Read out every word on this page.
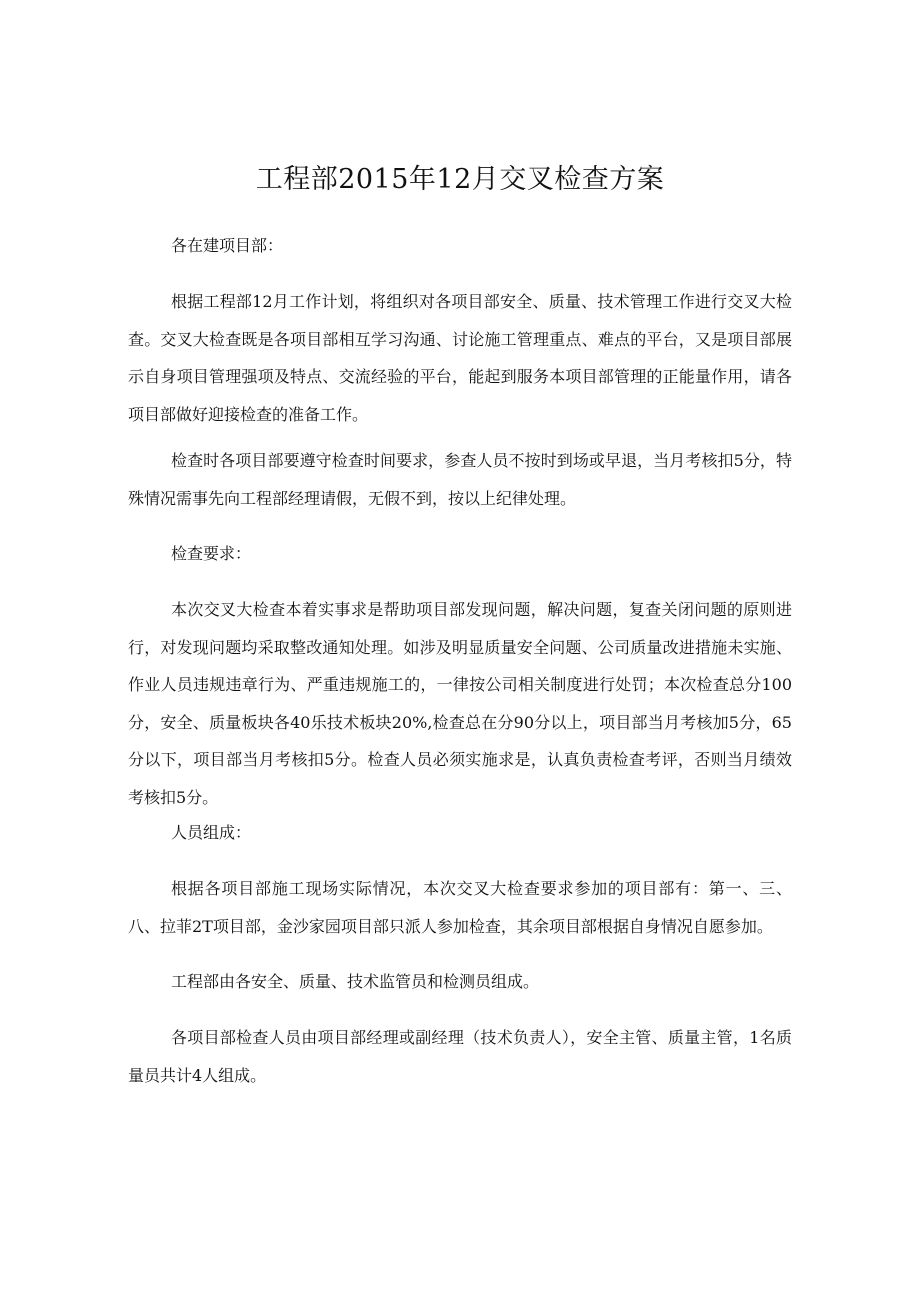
工程部2015年12月交叉检查方案

各在建项目部：

根据工程部12月工作计划，将组织对各项目部安全、质量、技术管理工作进行交叉大检查。交叉大检查既是各项目部相互学习沟通、讨论施工管理重点、难点的平台，又是项目部展示自身项目管理强项及特点、交流经验的平台，能起到服务本项目部管理的正能量作用，请各项目部做好迎接检查的准备工作。

检查时各项目部要遵守检查时间要求，参查人员不按时到场或早退，当月考核扣5分，特殊情况需事先向工程部经理请假，无假不到，按以上纪律处理。

检查要求：

本次交叉大检查本着实事求是帮助项目部发现问题，解决问题，复查关闭问题的原则进行，对发现问题均采取整改通知处理。如涉及明显质量安全问题、公司质量改进措施未实施、作业人员违规违章行为、严重违规施工的，一律按公司相关制度进行处罚；本次检查总分100分，安全、质量板块各40乐技术板块20%,检查总在分90分以上，项目部当月考核加5分，65分以下，项目部当月考核扣5分。检查人员必须实施求是，认真负责检查考评，否则当月绩效考核扣5分。

人员组成：

根据各项目部施工现场实际情况，本次交叉大检查要求参加的项目部有：第一、三、八、拉菲2T项目部，金沙家园项目部只派人参加检查，其余项目部根据自身情况自愿参加。

工程部由各安全、质量、技术监管员和检测员组成。

各项目部检查人员由项目部经理或副经理（技术负责人），安全主管、质量主管，1名质量员共计4人组成。
